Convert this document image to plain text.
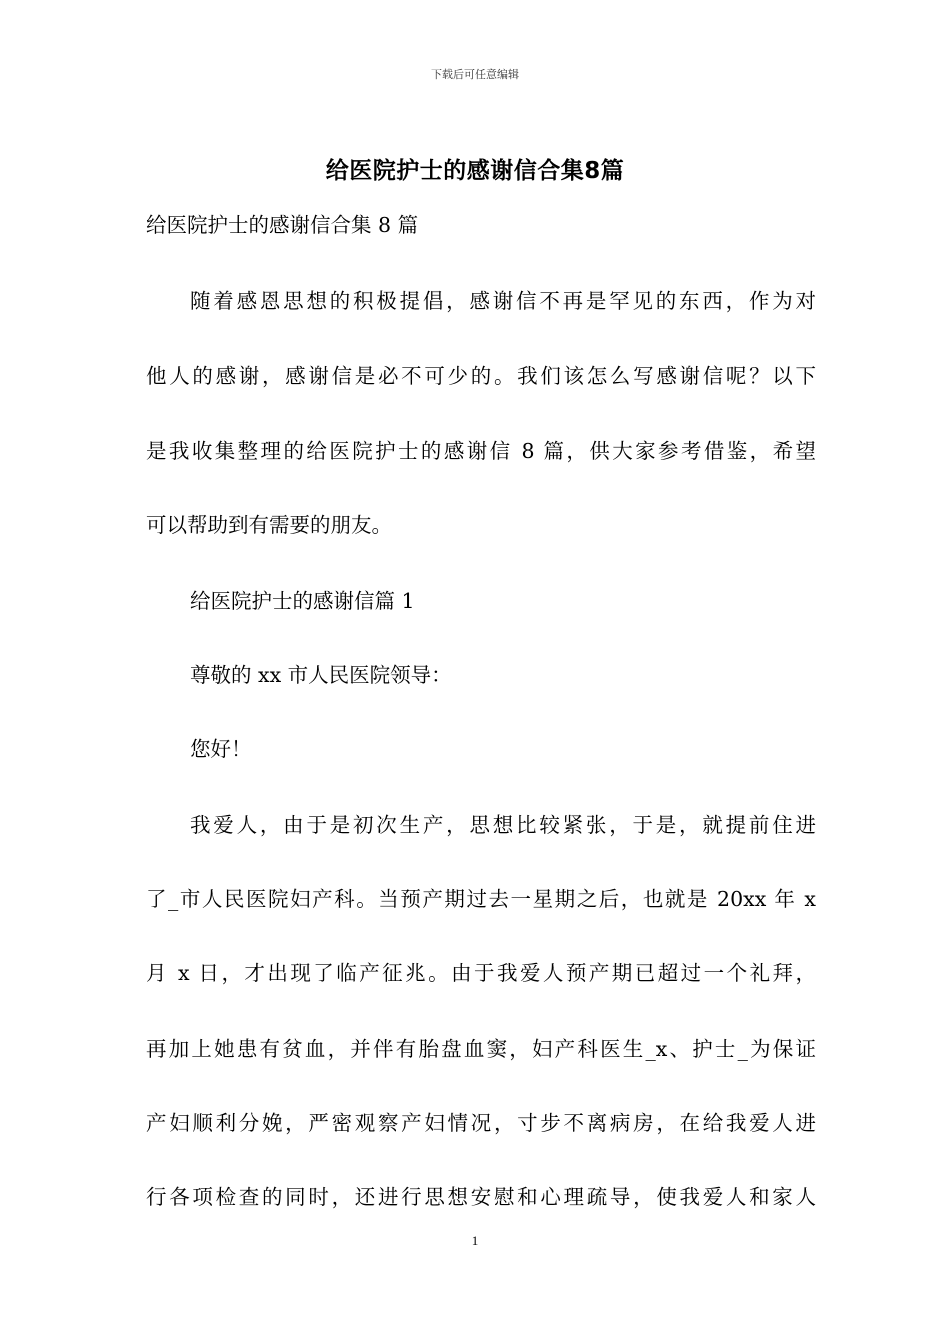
下载后可任意编辑
给医院护士的感谢信合集8篇
给医院护士的感谢信合集 8 篇
随着感恩思想的积极提倡，感谢信不再是罕见的东西，作为对
他人的感谢，感谢信是必不可少的。我们该怎么写感谢信呢？以下
是我收集整理的给医院护士的感谢信 8 篇，供大家参考借鉴，希望
可以帮助到有需要的朋友。
给医院护士的感谢信篇 1
尊敬的 xx 市人民医院领导：
您好！
我爱人，由于是初次生产，思想比较紧张，于是，就提前住进
了_市人民医院妇产科。当预产期过去一星期之后，也就是 20xx 年 x
月 x 日，才出现了临产征兆。由于我爱人预产期已超过一个礼拜，
再加上她患有贫血，并伴有胎盘血窦，妇产科医生_x、护士_为保证
产妇顺利分娩，严密观察产妇情况，寸步不离病房，在给我爱人进
行各项检查的同时，还进行思想安慰和心理疏导，使我爱人和家人
1
